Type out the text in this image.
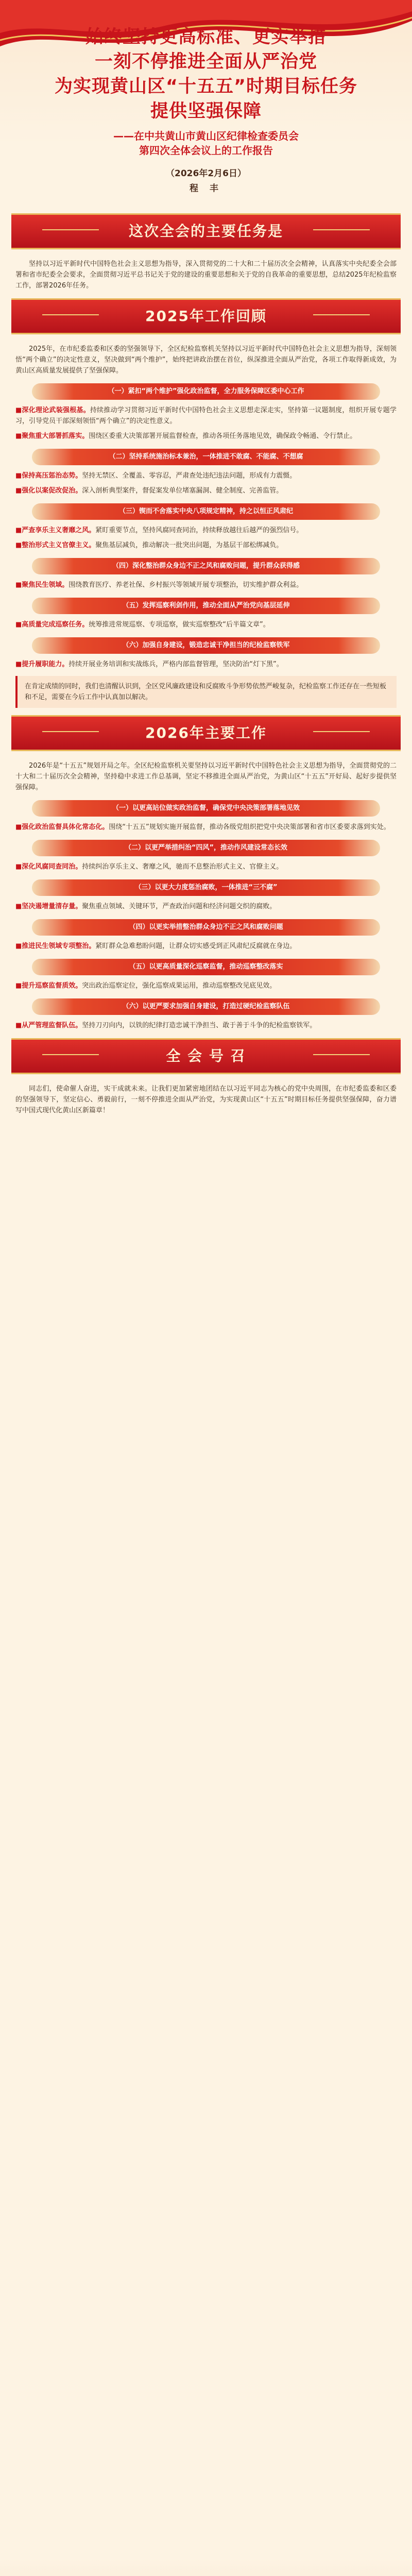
始终坚持更高标准、更实举措
一刻不停推进全面从严治党
为实现黄山区“十五五”时期目标任务
提供坚强保障
——在中共黄山市黄山区纪律检查委员会
第四次全体会议上的工作报告
（2026年2月6日）
程 丰
这次全会的主要任务是

坚持以习近平新时代中国特色社会主义思想为指导，深入贯彻党的二十大和二十届历次全会精神，认真落实中央纪委全会部署和省市纪委全会要求，全面贯彻习近平总书记关于党的建设的重要思想和关于党的自我革命的重要思想，总结2025年纪检监察工作，部署2026年任务。

2025年工作回顾

2025年，在市纪委监委和区委的坚强领导下，全区纪检监察机关坚持以习近平新时代中国特色社会主义思想为指导，深刻领悟“两个确立”的决定性意义，坚决做到“两个维护”，始终把讲政治摆在首位，纵深推进全面从严治党，各项工作取得新成效，为黄山区高质量发展提供了坚强保障。

（一）紧扣“两个维护”强化政治监督，全力服务保障区委中心工作

■深化理论武装强根基。持续推动学习贯彻习近平新时代中国特色社会主义思想走深走实，坚持第一议题制度，组织开展专题学习，引导党员干部深刻领悟“两个确立”的决定性意义。

■聚焦重大部署抓落实。围绕区委重大决策部署开展监督检查，推动各项任务落地见效，确保政令畅通、令行禁止。

（二）坚持系统施治标本兼治，一体推进不敢腐、不能腐、不想腐

■保持高压惩治态势。坚持无禁区、全覆盖、零容忍，严肃查处违纪违法问题，形成有力震慑。

■强化以案促改促治。深入剖析典型案件，督促案发单位堵塞漏洞、健全制度、完善监管。

（三）锲而不舍落实中央八项规定精神，持之以恒正风肃纪

■严查享乐主义奢靡之风。紧盯重要节点，坚持风腐同查同治，持续释放越往后越严的强烈信号。

■整治形式主义官僚主义。聚焦基层减负，推动解决一批突出问题，为基层干部松绑减负。

（四）深化整治群众身边不正之风和腐败问题，提升群众获得感

■聚焦民生领域。围绕教育医疗、养老社保、乡村振兴等领域开展专项整治，切实维护群众利益。

（五）发挥巡察利剑作用，推动全面从严治党向基层延伸

■高质量完成巡察任务。统筹推进常规巡察、专项巡察，做实巡察整改“后半篇文章”。

（六）加强自身建设，锻造忠诚干净担当的纪检监察铁军

■提升履职能力。持续开展业务培训和实战练兵，严格内部监督管理，坚决防治“灯下黑”。

在肯定成绩的同时，我们也清醒认识到，全区党风廉政建设和反腐败斗争形势依然严峻复杂，纪检监察工作还存在一些短板和不足，需要在今后工作中认真加以解决。
2026年主要工作

2026年是“十五五”规划开局之年。全区纪检监察机关要坚持以习近平新时代中国特色社会主义思想为指导，全面贯彻党的二十大和二十届历次全会精神，坚持稳中求进工作总基调，坚定不移推进全面从严治党，为黄山区“十五五”开好局、起好步提供坚强保障。

（一）以更高站位做实政治监督，确保党中央决策部署落地见效

■强化政治监督具体化常态化。围绕“十五五”规划实施开展监督，推动各级党组织把党中央决策部署和省市区委要求落到实处。

（二）以更严举措纠治“四风”，推动作风建设常态长效

■深化风腐同查同治。持续纠治享乐主义、奢靡之风，驰而不息整治形式主义、官僚主义。

（三）以更大力度惩治腐败，一体推进“三不腐”

■坚决遏增量清存量。聚焦重点领域、关键环节，严查政治问题和经济问题交织的腐败。

（四）以更实举措整治群众身边不正之风和腐败问题

■推进民生领域专项整治。紧盯群众急难愁盼问题，让群众切实感受到正风肃纪反腐就在身边。

（五）以更高质量深化巡察监督，推动巡察整改落实

■提升巡察监督质效。突出政治巡察定位，强化巡察成果运用，推动巡察整改见底见效。

（六）以更严要求加强自身建设，打造过硬纪检监察队伍

■从严管理监督队伍。坚持刀刃向内，以铁的纪律打造忠诚干净担当、敢于善于斗争的纪检监察铁军。

全 会 号 召

同志们，使命催人奋进，实干成就未来。让我们更加紧密地团结在以习近平同志为核心的党中央周围，在市纪委监委和区委的坚强领导下，坚定信心、勇毅前行，一刻不停推进全面从严治党，为实现黄山区“十五五”时期目标任务提供坚强保障，奋力谱写中国式现代化黄山区新篇章！
